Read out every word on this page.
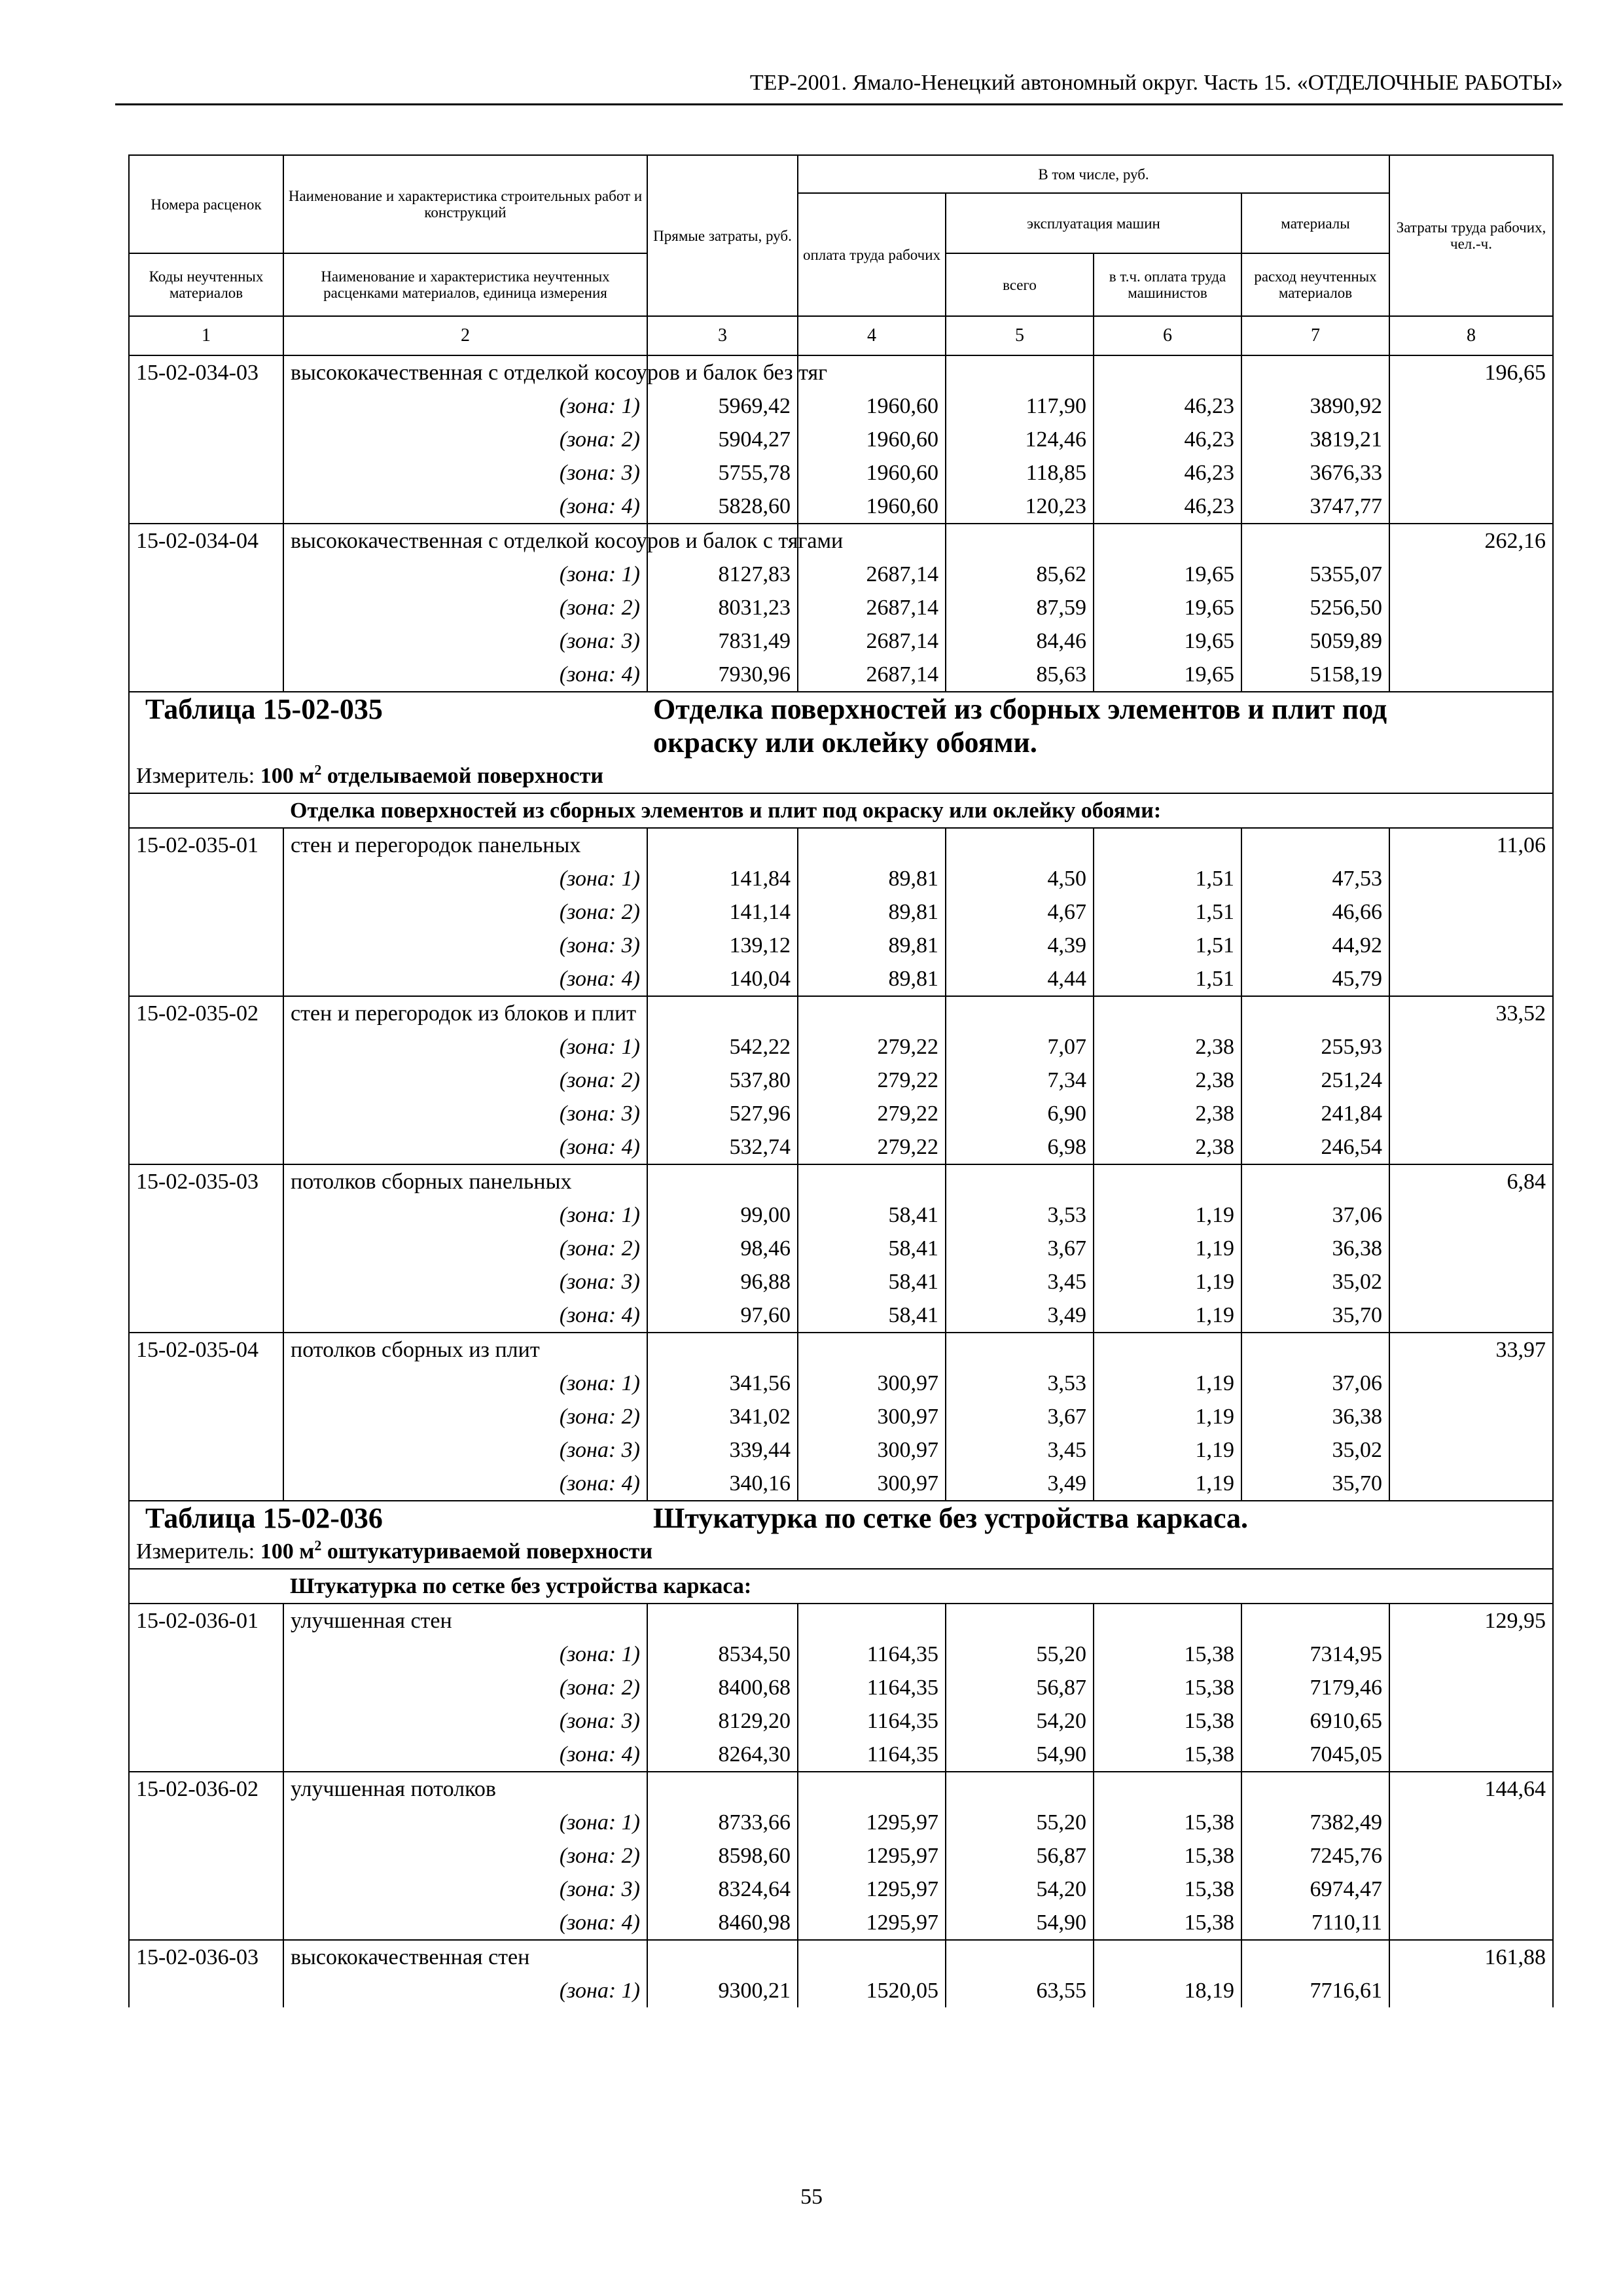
ТЕР-2001. Ямало-Ненецкий автономный округ. Часть 15. «ОТДЕЛОЧНЫЕ РАБОТЫ»
Номера расценок	Наименование и характеристика строительных работ и конструкций	Прямые затраты, руб.	В том числе, руб.				Затраты труда рабочих, чел.-ч.
			оплата труда рабочих	эксплуатация машин		материалы	
Коды неучтенных материалов	Наименование и характеристика неучтенных расценками материалов, единица измерения			всего	в т.ч. оплата труда машинистов	расход неучтенных материалов	

1	2	3	4	5	6	7	8
15-02-034-03	высококачественная с отделкой косоуров и балок без тяг						196,65
	(зона: 1)	5969,42	1960,60	117,90	46,23	3890,92	
	(зона: 2)	5904,27	1960,60	124,46	46,23	3819,21	
	(зона: 3)	5755,78	1960,60	118,85	46,23	3676,33	
	(зона: 4)	5828,60	1960,60	120,23	46,23	3747,77	
15-02-034-04	высококачественная с отделкой косоуров и балок с тягами						262,16
	(зона: 1)	8127,83	2687,14	85,62	19,65	5355,07	
	(зона: 2)	8031,23	2687,14	87,59	19,65	5256,50	
	(зона: 3)	7831,49	2687,14	84,46	19,65	5059,89	
	(зона: 4)	7930,96	2687,14	85,63	19,65	5158,19	
Таблица 15-02-035 Отделка поверхностей из сборных элементов и плит под окраску или оклейку обоями.							
Измеритель: 100 $м^2$ отделываемой поверхности							
	Отделка поверхностей из сборных элементов и плит под окраску или оклейку обоями:						
15-02-035-01	стен и перегородок панельных						11,06
	(зона: 1)	141,84	89,81	4,50	1,51	47,53	
	(зона: 2)	141,14	89,81	4,67	1,51	46,66	
	(зона: 3)	139,12	89,81	4,39	1,51	44,92	
	(зона: 4)	140,04	89,81	4,44	1,51	45,79	
15-02-035-02	стен и перегородок из блоков и плит						33,52
	(зона: 1)	542,22	279,22	7,07	2,38	255,93	
	(зона: 2)	537,80	279,22	7,34	2,38	251,24	
	(зона: 3)	527,96	279,22	6,90	2,38	241,84	
	(зона: 4)	532,74	279,22	6,98	2,38	246,54	
15-02-035-03	потолков сборных панельных						6,84
	(зона: 1)	99,00	58,41	3,53	1,19	37,06	
	(зона: 2)	98,46	58,41	3,67	1,19	36,38	
	(зона: 3)	96,88	58,41	3,45	1,19	35,02	
	(зона: 4)	97,60	58,41	3,49	1,19	35,70	
15-02-035-04	потолков сборных из плит						33,97
	(зона: 1)	341,56	300,97	3,53	1,19	37,06	
	(зона: 2)	341,02	300,97	3,67	1,19	36,38	
	(зона: 3)	339,44	300,97	3,45	1,19	35,02	
	(зона: 4)	340,16	300,97	3,49	1,19	35,70	
Таблица 15-02-036 Штукатурка по сетке без устройства каркаса.							
Измеритель: 100 $м^2$ оштукатуриваемой поверхности							
	Штукатурка по сетке без устройства каркаса:						
15-02-036-01	улучшенная стен						129,95
	(зона: 1)	8534,50	1164,35	55,20	15,38	7314,95	
	(зона: 2)	8400,68	1164,35	56,87	15,38	7179,46	
	(зона: 3)	8129,20	1164,35	54,20	15,38	6910,65	
	(зона: 4)	8264,30	1164,35	54,90	15,38	7045,05	
15-02-036-02	улучшенная потолков						144,64
	(зона: 1)	8733,66	1295,97	55,20	15,38	7382,49	
	(зона: 2)	8598,60	1295,97	56,87	15,38	7245,76	
	(зона: 3)	8324,64	1295,97	54,20	15,38	6974,47	
	(зона: 4)	8460,98	1295,97	54,90	15,38	7110,11	
15-02-036-03	высококачественная стен						161,88
	(зона: 1)	9300,21	1520,05	63,55	18,19	7716,61	
55
